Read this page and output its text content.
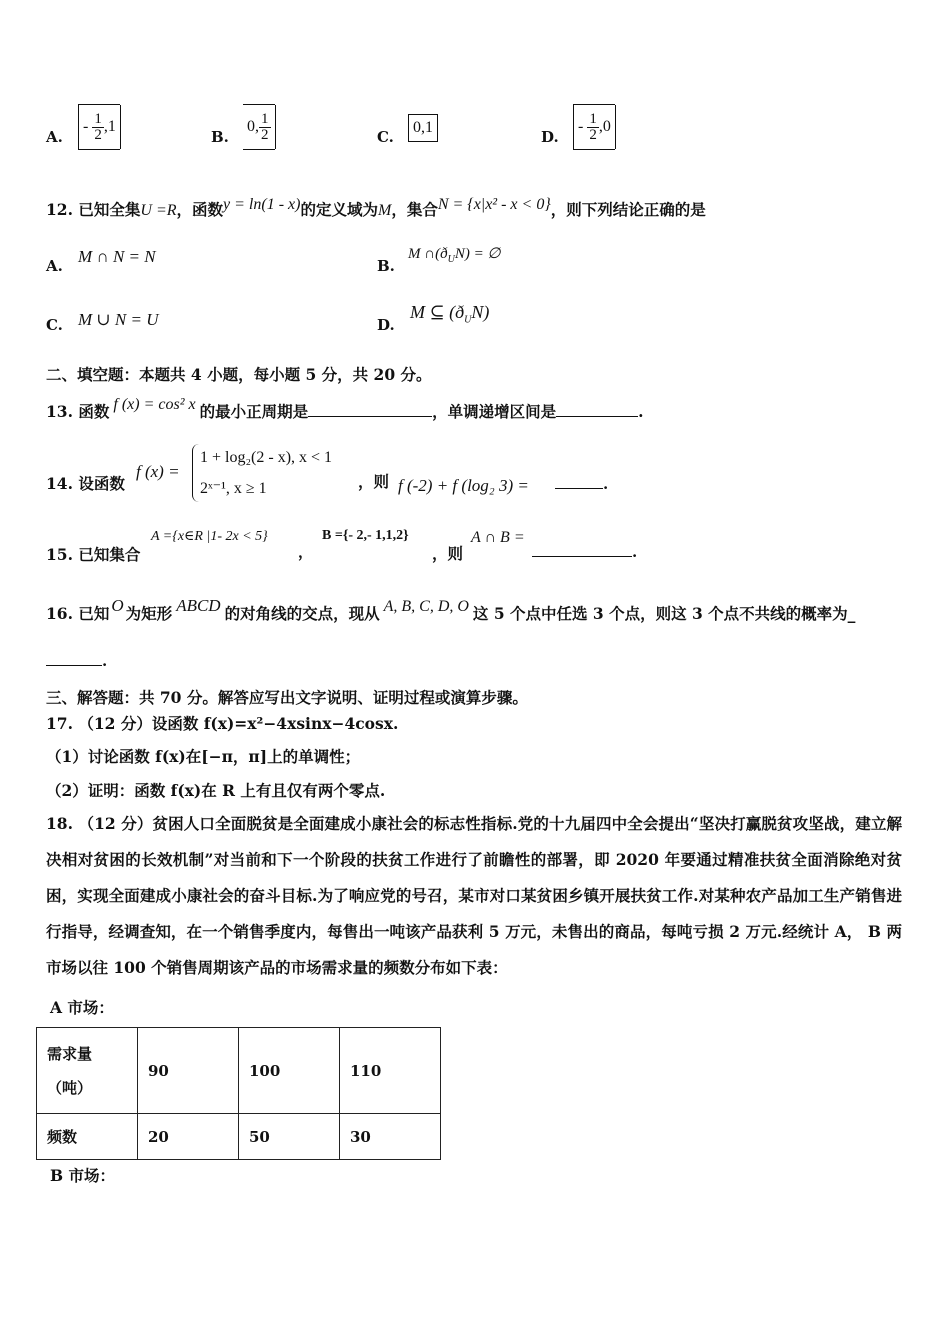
A.
- $\frac{1}{2} ,1$
B.
0, $\frac{1}{2}$	C.
0,1
D.
- $\frac{1}{2} ,0$
12. 已知全集U =R，函数y = ln(1 - x)的定义域为M，集合N = {x|x² - x < 0}，则下列结论正确的是
A. M ∩ N = N	B.
M $\cap(ð_UN)$ = ∅
C. M ∪ N = U	D.
M ⊆ $(ð_UN)$
二、填空题：本题共 4 小题，每小题 5 分，共 20 分。
13. 函数 f (x) = cos² x 的最小正周期是	，单调递增区间是	.
14. 设函数
f (x) =
1 + log₂(2 - x), x < 1
2ˣ⁻¹, x ≥ 1	，则 f (-2) + f (log₂ 3) =	.
15. 已知集合
A ={x∈R |1- 2x < 5}
，
B ={- 2,- 1,1,2}
，则
A ∩ B =
.
16. 已知 O 为矩形 ABCD 的对角线的交点，现从 A, B, C, D, O 这 5 个点中任选 3 个点，则这 3 个点不共线的概率为_
.
三、解答题：共 70 分。解答应写出文字说明、证明过程或演算步骤。
17. （12 分）设函数 f(x)=x²−4xsinx−4cosx.
（1）讨论函数 f(x)在[−π，π]上的单调性；
（2）证明：函数 f(x)在 R 上有且仅有两个零点.
18. （12 分）贫困人口全面脱贫是全面建成小康社会的标志性指标.党的十九届四中全会提出“坚决打赢脱贫攻坚战，建立解决相对贫困的长效机制”对当前和下一个阶段的扶贫工作进行了前瞻性的部署，即 2020 年要通过精准扶贫全面消除绝对贫困，实现全面建成小康社会的奋斗目标.为了响应党的号召，某市对口某贫困乡镇开展扶贫工作.对某种农产品加工生产销售进行指导，经调查知，在一个销售季度内，每售出一吨该产品获利 5 万元，未售出的商品，每吨亏损 2 万元.经统计 A， B 两市场以往 100 个销售周期该产品的市场需求量的频数分布如下表：
A 市场：
需求量
（吨）	90	100	110
频数	20	50	30
B 市场：
